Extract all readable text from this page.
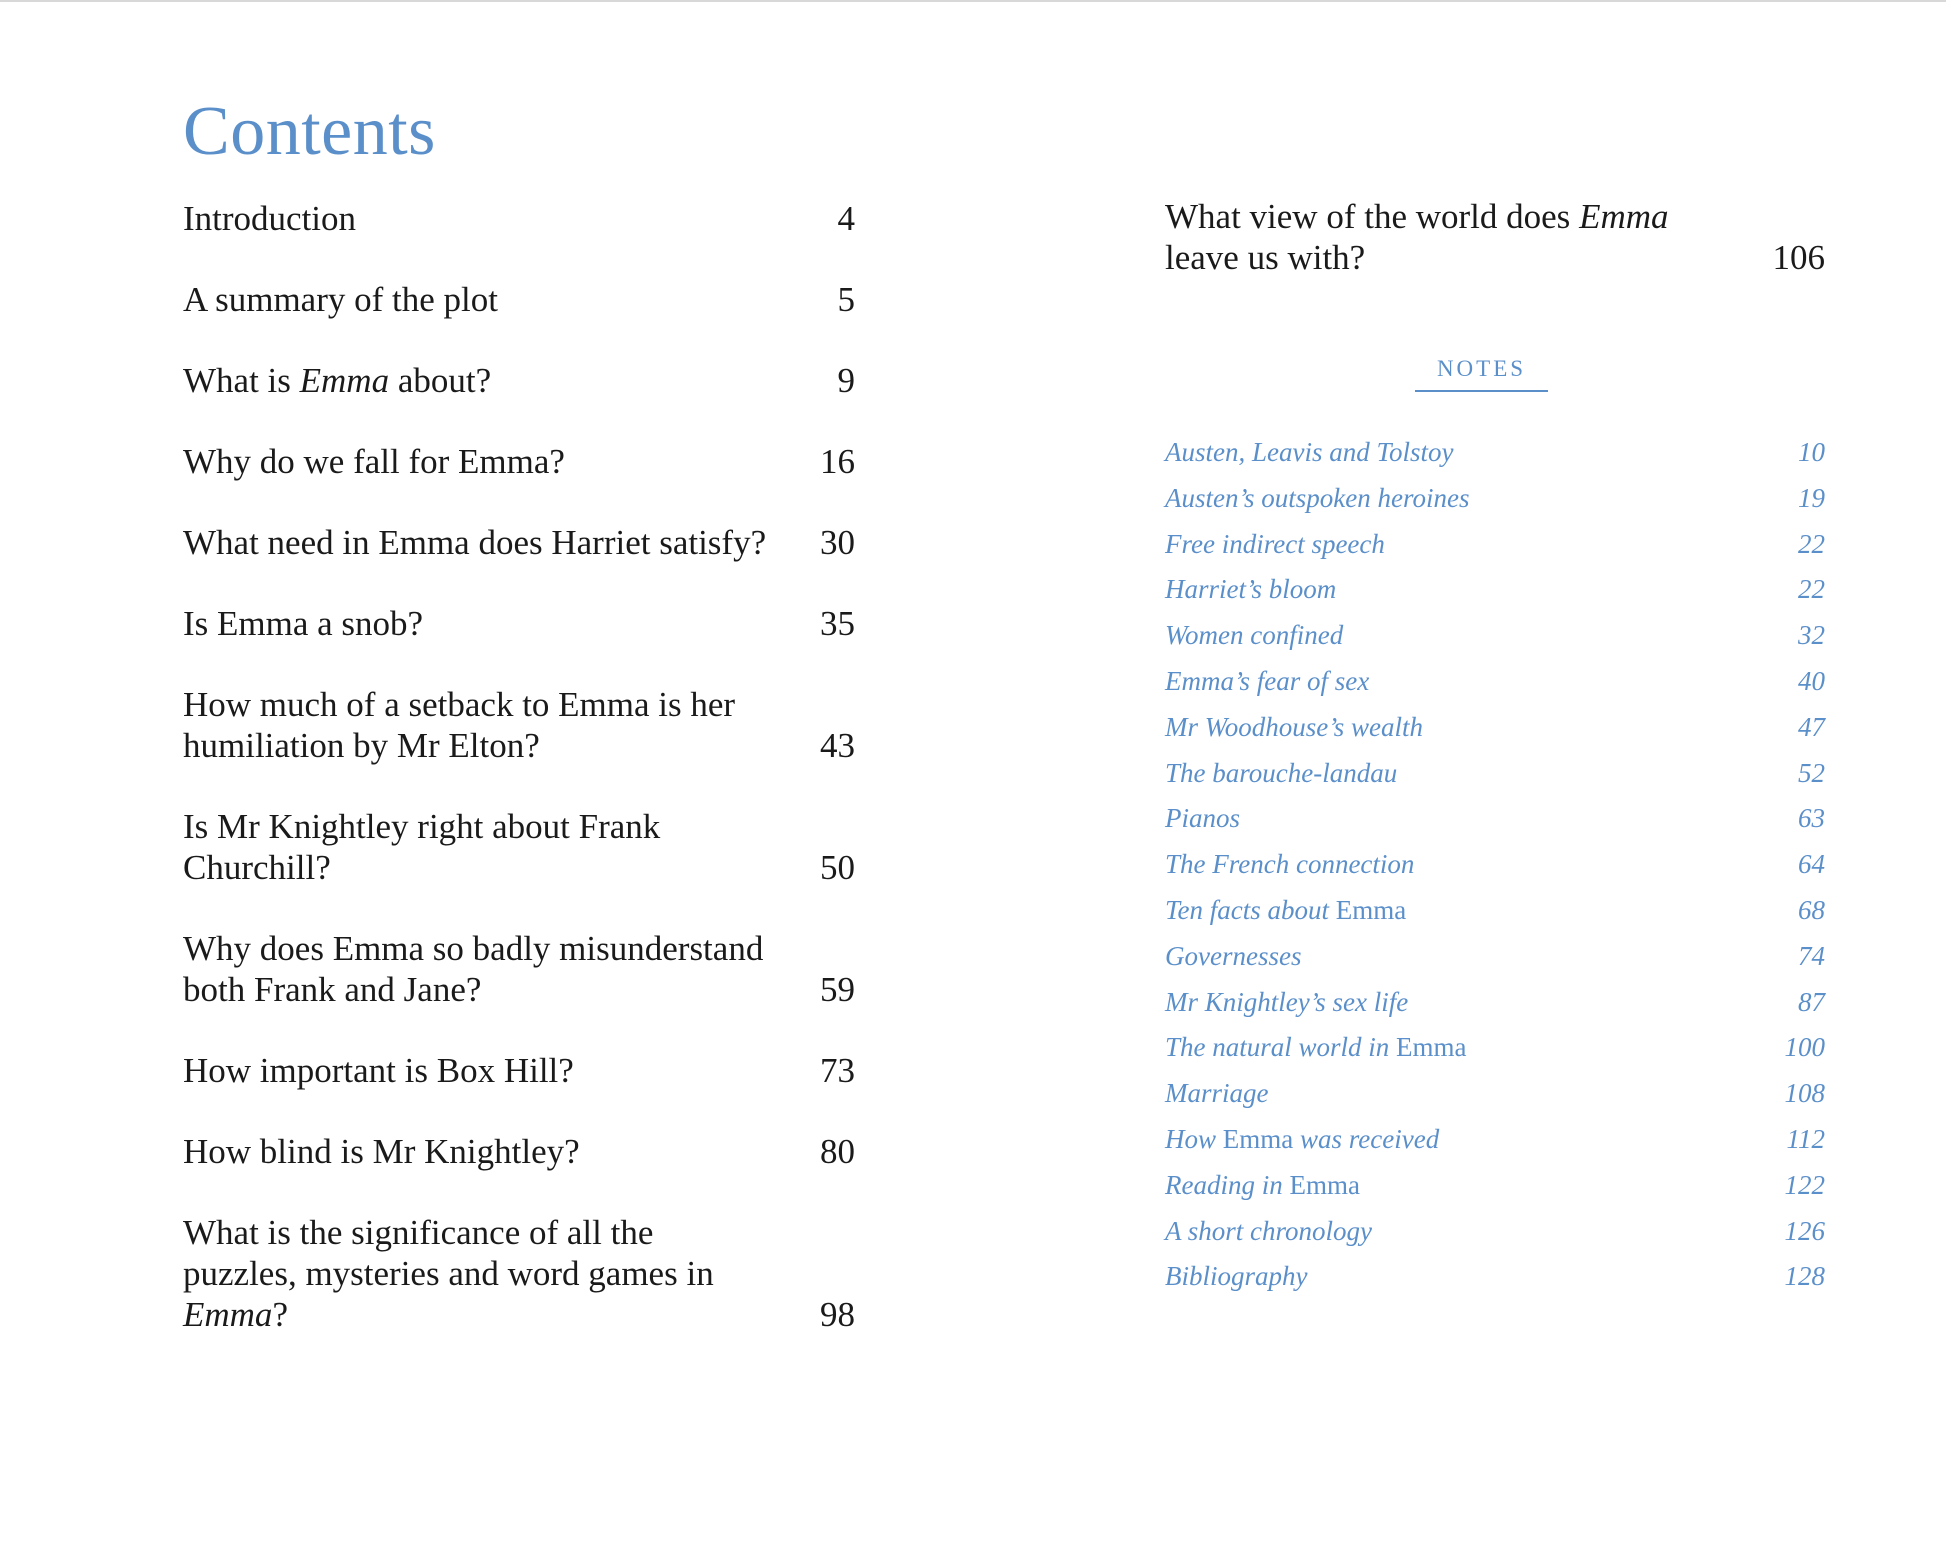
Contents
Introduction	4
A summary of the plot	5
What is Emma about?	9
Why do we fall for Emma?	16
What need in Emma does Harriet satisfy?	30
Is Emma a snob?	35
How much of a setback to Emma is her humiliation by Mr Elton?	43
Is Mr Knightley right about Frank Churchill?	50
Why does Emma so badly misunderstand both Frank and Jane?	59
How important is Box Hill?	73
How blind is Mr Knightley?	80
What is the significance of all the puzzles, mysteries and word games in Emma?	98
What view of the world does Emma leave us with?	106
NOTES
Austen, Leavis and Tolstoy	10
Austen’s outspoken heroines	19
Free indirect speech	22
Harriet’s bloom	22
Women confined	32
Emma’s fear of sex	40
Mr Woodhouse’s wealth	47
The barouche-landau	52
Pianos	63
The French connection	64
Ten facts about Emma	68
Governesses	74
Mr Knightley’s sex life	87
The natural world in Emma	100
Marriage	108
How Emma was received	112
Reading in Emma	122
A short chronology	126
Bibliography	128
